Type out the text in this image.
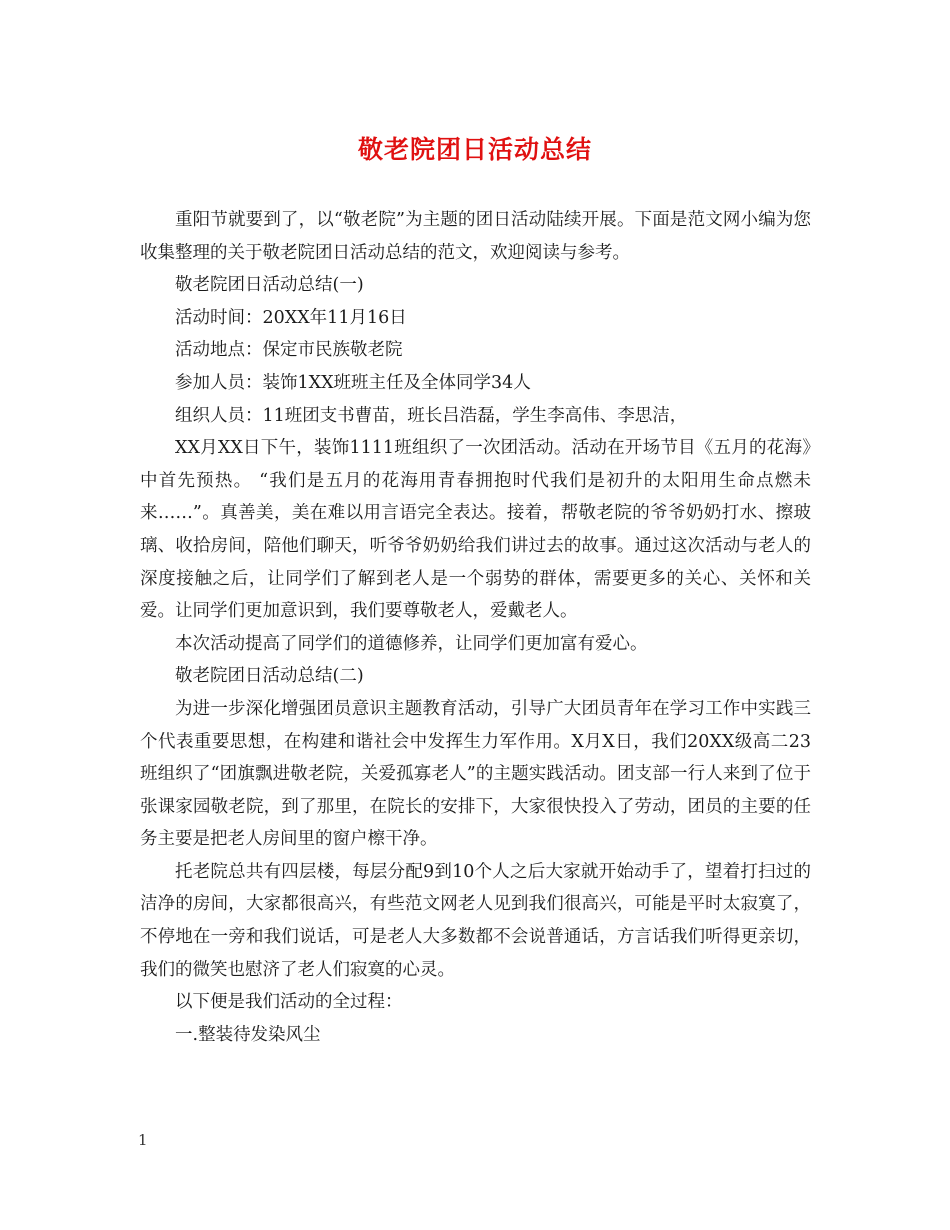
敬老院团日活动总结

重阳节就要到了，以“敬老院”为主题的团日活动陆续开展。下面是范文网小编为您收集整理的关于敬老院团日活动总结的范文，欢迎阅读与参考。

敬老院团日活动总结(一)

活动时间：20XX年11月16日

活动地点：保定市民族敬老院

参加人员：装饰1XX班班主任及全体同学34人

组织人员：11班团支书曹苗，班长吕浩磊，学生李高伟、李思洁，

XX月XX日下午，装饰1111班组织了一次团活动。活动在开场节目《五月的花海》中首先预热。 “我们是五月的花海用青春拥抱时代我们是初升的太阳用生命点燃未来……”。真善美，美在难以用言语完全表达。接着，帮敬老院的爷爷奶奶打水、擦玻璃、收拾房间，陪他们聊天，听爷爷奶奶给我们讲过去的故事。通过这次活动与老人的深度接触之后，让同学们了解到老人是一个弱势的群体，需要更多的关心、关怀和关爱。让同学们更加意识到，我们要尊敬老人，爱戴老人。

本次活动提高了同学们的道德修养，让同学们更加富有爱心。

敬老院团日活动总结(二)

为进一步深化增强团员意识主题教育活动，引导广大团员青年在学习工作中实践三个代表重要思想，在构建和谐社会中发挥生力军作用。X月X日，我们20XX级高二23班组织了“团旗飘进敬老院，关爱孤寡老人”的主题实践活动。团支部一行人来到了位于张课家园敬老院，到了那里，在院长的安排下，大家很快投入了劳动，团员的主要的任务主要是把老人房间里的窗户檫干净。

托老院总共有四层楼，每层分配9到10个人之后大家就开始动手了，望着打扫过的洁净的房间，大家都很高兴，有些范文网老人见到我们很高兴，可能是平时太寂寞了，不停地在一旁和我们说话，可是老人大多数都不会说普通话，方言话我们听得更亲切，我们的微笑也慰济了老人们寂寞的心灵。

以下便是我们活动的全过程：

一.整装待发染风尘

1
